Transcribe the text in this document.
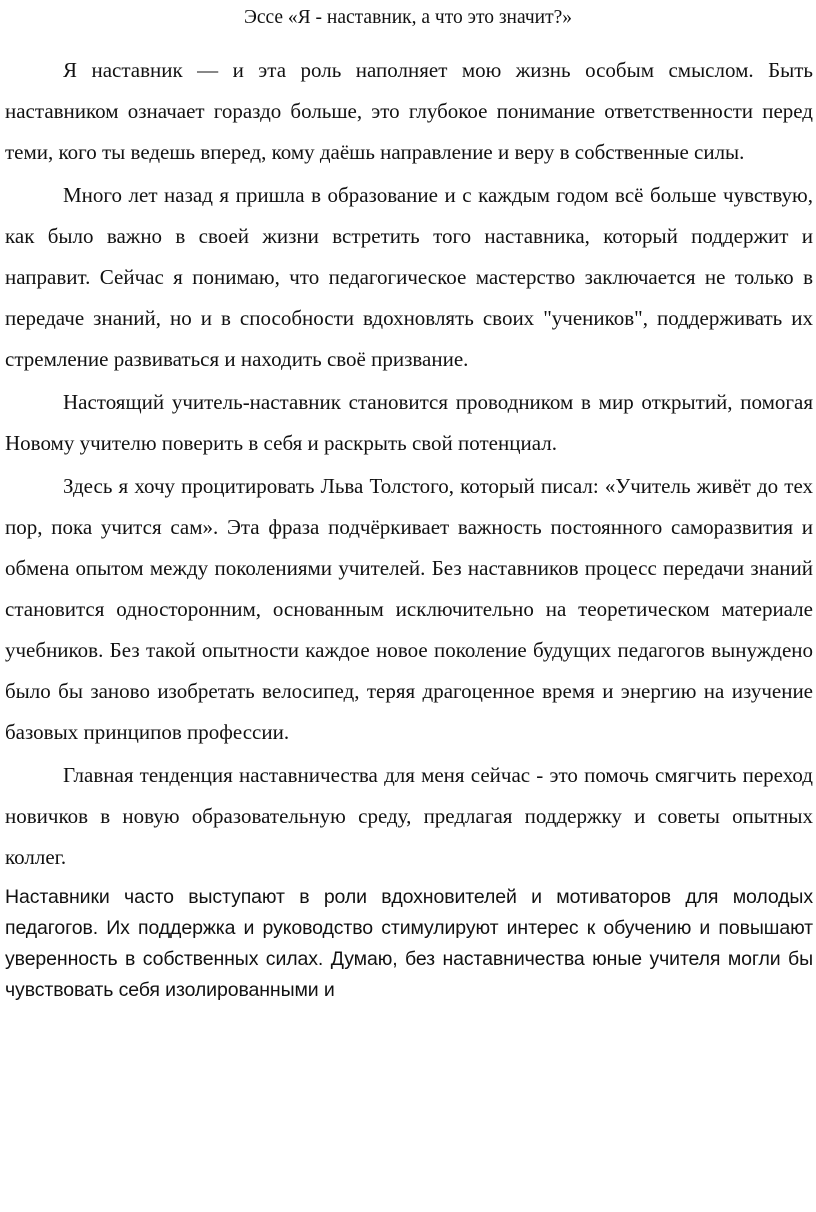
Эссе «Я - наставник, а что это значит?»

Я наставник — и эта роль наполняет мою жизнь особым смыслом. Быть наставником означает гораздо больше, это глубокое понимание ответственности перед теми, кого ты ведешь вперед, кому даёшь направление и веру в собственные силы.

Много лет назад я пришла в образование и с каждым годом всё больше чувствую, как было важно в своей жизни встретить того наставника, который поддержит и направит. Сейчас я понимаю, что педагогическое мастерство заключается не только в передаче знаний, но и в способности вдохновлять своих "учеников", поддерживать их стремление развиваться и находить своё призвание.

Настоящий учитель-наставник становится проводником в мир открытий, помогая Новому учителю поверить в себя и раскрыть свой потенциал.

Здесь я хочу процитировать Льва Толстого, который писал: «Учитель живёт до тех пор, пока учится сам». Эта фраза подчёркивает важность постоянного саморазвития и обмена опытом между поколениями учителей. Без наставников процесс передачи знаний становится односторонним, основанным исключительно на теоретическом материале учебников. Без такой опытности каждое новое поколение будущих педагогов вынуждено было бы заново изобретать велосипед, теряя драгоценное время и энергию на изучение базовых принципов профессии.

Главная тенденция наставничества для меня сейчас - это помочь смягчить переход новичков в новую образовательную среду, предлагая поддержку и советы опытных коллег.

Наставники часто выступают в роли вдохновителей и мотиваторов для молодых педагогов. Их поддержка и руководство стимулируют интерес к обучению и повышают уверенность в собственных силах. Думаю, без наставничества юные учителя могли бы чувствовать себя изолированными и
